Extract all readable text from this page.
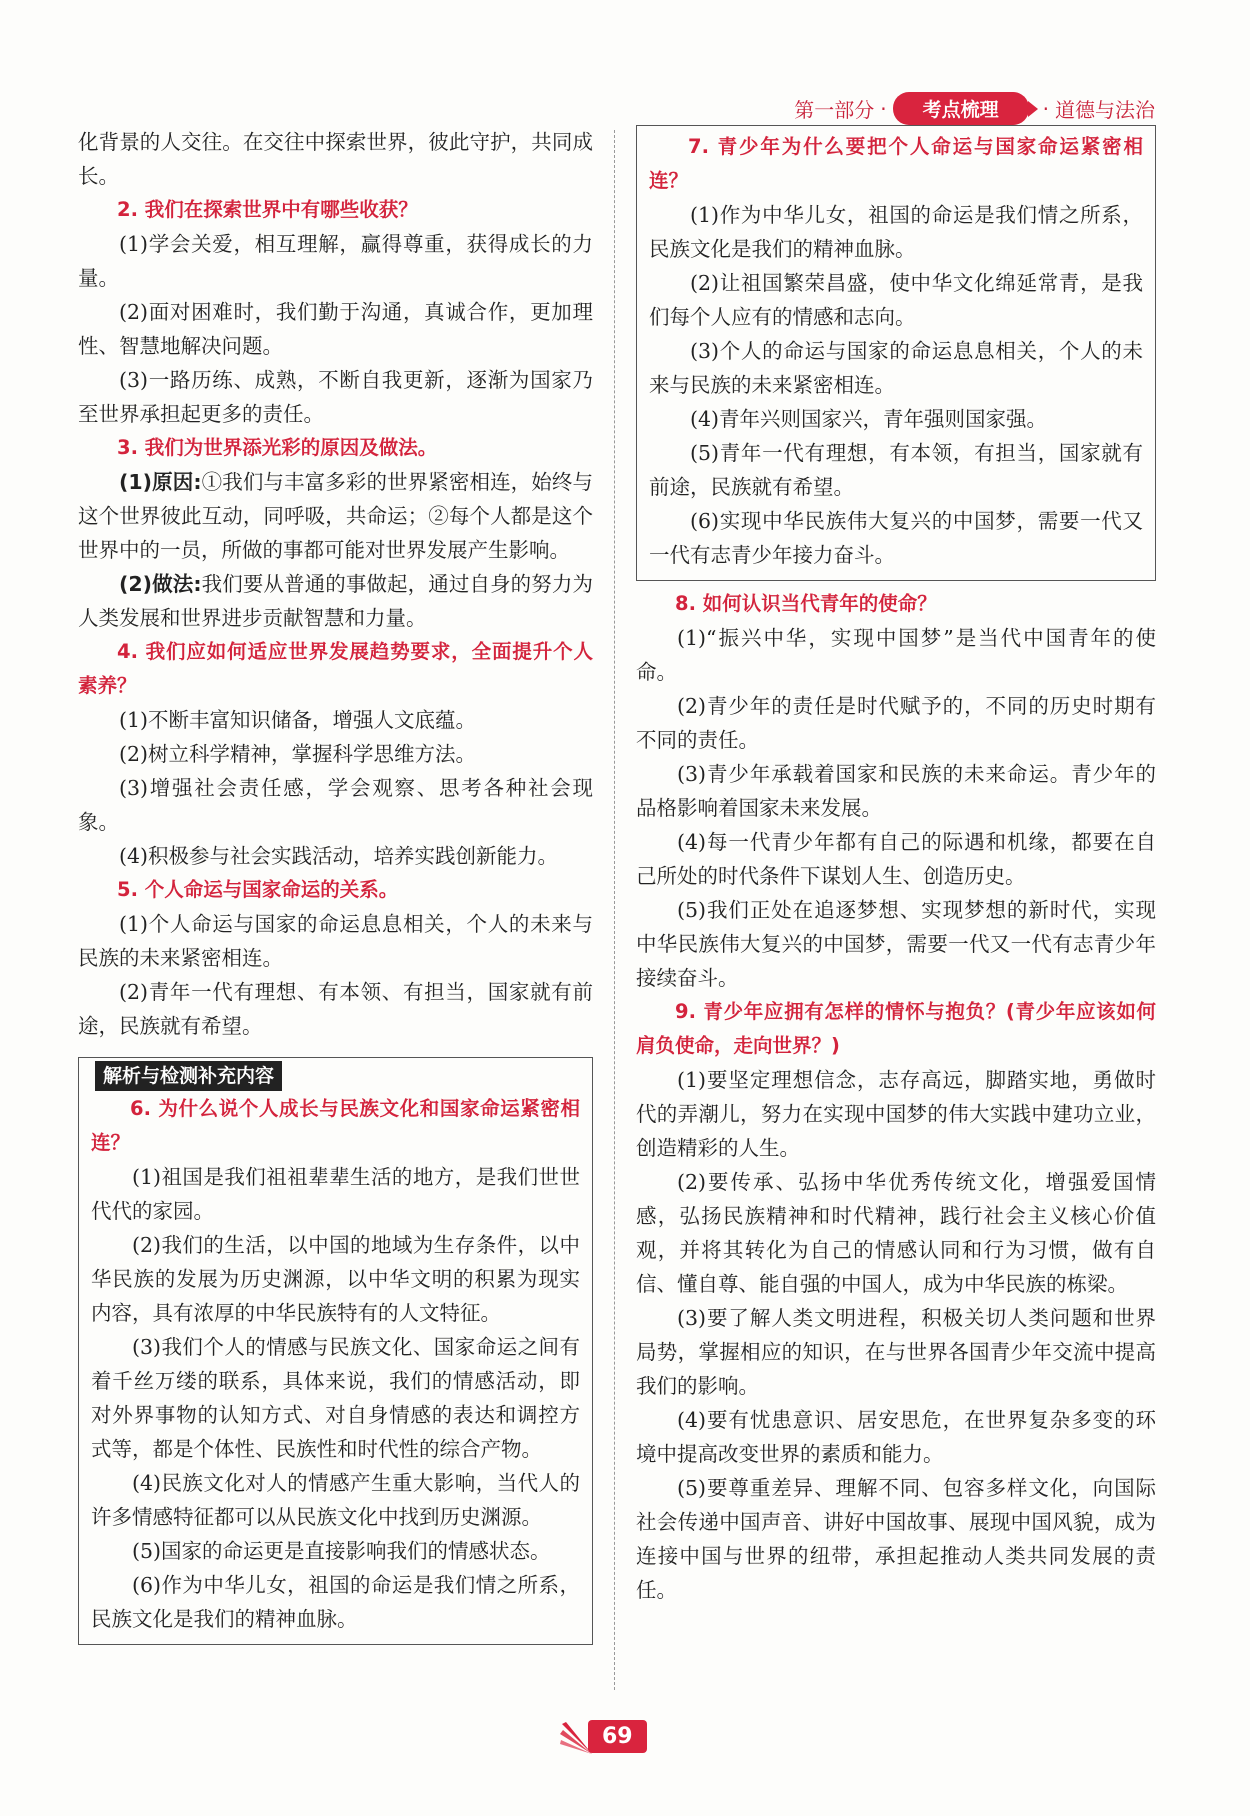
第一部分 ·	考点梳理	· 道德与法治

化背景的人交往。在交往中探索世界，彼此守护，共同成长。

2. 我们在探索世界中有哪些收获？

(1)学会关爱，相互理解，赢得尊重，获得成长的力量。

(2)面对困难时，我们勤于沟通，真诚合作，更加理性、智慧地解决问题。

(3)一路历练、成熟，不断自我更新，逐渐为国家乃至世界承担起更多的责任。

3. 我们为世界添光彩的原因及做法。

(1)原因:①我们与丰富多彩的世界紧密相连，始终与这个世界彼此互动，同呼吸，共命运；②每个人都是这个世界中的一员，所做的事都可能对世界发展产生影响。

(2)做法:我们要从普通的事做起，通过自身的努力为人类发展和世界进步贡献智慧和力量。

4. 我们应如何适应世界发展趋势要求，全面提升个人素养？

(1)不断丰富知识储备，增强人文底蕴。

(2)树立科学精神，掌握科学思维方法。

(3)增强社会责任感，学会观察、思考各种社会现象。

(4)积极参与社会实践活动，培养实践创新能力。

5. 个人命运与国家命运的关系。

(1)个人命运与国家的命运息息相关，个人的未来与民族的未来紧密相连。

(2)青年一代有理想、有本领、有担当，国家就有前途，民族就有希望。

解析与检测补充内容

6. 为什么说个人成长与民族文化和国家命运紧密相连？

(1)祖国是我们祖祖辈辈生活的地方，是我们世世代代的家园。

(2)我们的生活，以中国的地域为生存条件，以中华民族的发展为历史渊源，以中华文明的积累为现实内容，具有浓厚的中华民族特有的人文特征。

(3)我们个人的情感与民族文化、国家命运之间有着千丝万缕的联系，具体来说，我们的情感活动，即对外界事物的认知方式、对自身情感的表达和调控方式等，都是个体性、民族性和时代性的综合产物。

(4)民族文化对人的情感产生重大影响，当代人的许多情感特征都可以从民族文化中找到历史渊源。

(5)国家的命运更是直接影响我们的情感状态。

(6)作为中华儿女，祖国的命运是我们情之所系，民族文化是我们的精神血脉。

7. 青少年为什么要把个人命运与国家命运紧密相连？

(1)作为中华儿女，祖国的命运是我们情之所系，民族文化是我们的精神血脉。

(2)让祖国繁荣昌盛，使中华文化绵延常青，是我们每个人应有的情感和志向。

(3)个人的命运与国家的命运息息相关，个人的未来与民族的未来紧密相连。

(4)青年兴则国家兴，青年强则国家强。

(5)青年一代有理想，有本领，有担当，国家就有前途，民族就有希望。

(6)实现中华民族伟大复兴的中国梦，需要一代又一代有志青少年接力奋斗。

8. 如何认识当代青年的使命？

(1)“振兴中华，实现中国梦”是当代中国青年的使命。

(2)青少年的责任是时代赋予的，不同的历史时期有不同的责任。

(3)青少年承载着国家和民族的未来命运。青少年的品格影响着国家未来发展。

(4)每一代青少年都有自己的际遇和机缘，都要在自己所处的时代条件下谋划人生、创造历史。

(5)我们正处在追逐梦想、实现梦想的新时代，实现中华民族伟大复兴的中国梦，需要一代又一代有志青少年接续奋斗。

9. 青少年应拥有怎样的情怀与抱负？(青少年应该如何肩负使命，走向世界？)

(1)要坚定理想信念，志存高远，脚踏实地，勇做时代的弄潮儿，努力在实现中国梦的伟大实践中建功立业，创造精彩的人生。

(2)要传承、弘扬中华优秀传统文化，增强爱国情感，弘扬民族精神和时代精神，践行社会主义核心价值观，并将其转化为自己的情感认同和行为习惯，做有自信、懂自尊、能自强的中国人，成为中华民族的栋梁。

(3)要了解人类文明进程，积极关切人类问题和世界局势，掌握相应的知识，在与世界各国青少年交流中提高我们的影响。

(4)要有忧患意识、居安思危，在世界复杂多变的环境中提高改变世界的素质和能力。

(5)要尊重差异、理解不同、包容多样文化，向国际社会传递中国声音、讲好中国故事、展现中国风貌，成为连接中国与世界的纽带，承担起推动人类共同发展的责任。

69
